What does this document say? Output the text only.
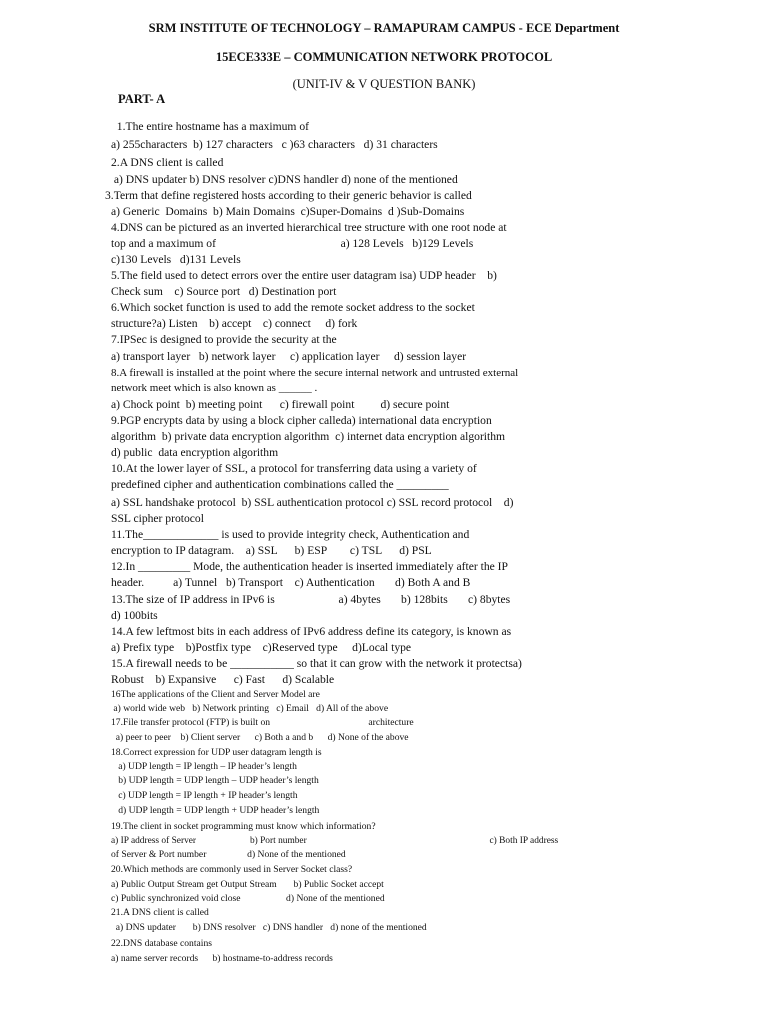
SRM INSTITUTE OF TECHNOLOGY – RAMAPURAM CAMPUS - ECE Department

15ECE333E – COMMUNICATION NETWORK PROTOCOL

(UNIT-IV & V QUESTION BANK)

PART- A

1.The entire hostname has a maximum of

a) 255characters  b) 127 characters   c )63 characters   d) 31 characters

2.A DNS client is called

a) DNS updater b) DNS resolver c)DNS handler d) none of the mentioned

3.Term that define registered hosts according to their generic behavior is called

a) Generic  Domains  b) Main Domains  c)Super-Domains  d )Sub-Domains

4.DNS can be pictured as an inverted hierarchical tree structure with one root node at

top and a maximum of                                           a) 128 Levels   b)129 Levels

c)130 Levels   d)131 Levels

5.The field used to detect errors over the entire user datagram isa) UDP header    b)

Check sum    c) Source port   d) Destination port

6.Which socket function is used to add the remote socket address to the socket

structure?a) Listen    b) accept    c) connect     d) fork

7.IPSec is designed to provide the security at the

a) transport layer   b) network layer     c) application layer     d) session layer

8.A firewall is installed at the point where the secure internal network and untrusted external

network meet which is also known as ______ .

a) Chock point  b) meeting point      c) firewall point         d) secure point

9.PGP encrypts data by using a block cipher calleda) international data encryption

algorithm  b) private data encryption algorithm  c) internet data encryption algorithm

d) public  data encryption algorithm

10.At the lower layer of SSL, a protocol for transferring data using a variety of

predefined cipher and authentication combinations called the _________

a) SSL handshake protocol  b) SSL authentication protocol c) SSL record protocol    d)

SSL cipher protocol

11.The_____________ is used to provide integrity check, Authentication and

encryption to IP datagram.    a) SSL      b) ESP        c) TSL      d) PSL

12.In _________ Mode, the authentication header is inserted immediately after the IP

header.          a) Tunnel   b) Transport    c) Authentication       d) Both A and B

13.The size of IP address in IPv6 is                      a) 4bytes       b) 128bits       c) 8bytes

d) 100bits

14.A few leftmost bits in each address of IPv6 address define its category, is known as

a) Prefix type    b)Postfix type    c)Reserved type     d)Local type

15.A firewall needs to be ___________ so that it can grow with the network it protectsa)

Robust    b) Expansive      c) Fast      d) Scalable

16The applications of the Client and Server Model are

a) world wide web   b) Network printing   c) Email   d) All of the above

17.File transfer protocol (FTP) is built on                                         architecture

a) peer to peer    b) Client server      c) Both a and b      d) None of the above

18.Correct expression for UDP user datagram length is

a) UDP length = IP length – IP header’s length

b) UDP length = UDP length – UDP header’s length

c) UDP length = IP length + IP header’s length

d) UDP length = UDP length + UDP header’s length

19.The client in socket programming must know which information?

a) IP address of Server                       b) Port number                                                                              c) Both IP address

of Server & Port number                 d) None of the mentioned

20.Which methods are commonly used in Server Socket class?

a) Public Output Stream get Output Stream       b) Public Socket accept

c) Public synchronized void close                   d) None of the mentioned

21.A DNS client is called

a) DNS updater       b) DNS resolver   c) DNS handler   d) none of the mentioned

22.DNS database contains

a) name server records      b) hostname-to-address records
